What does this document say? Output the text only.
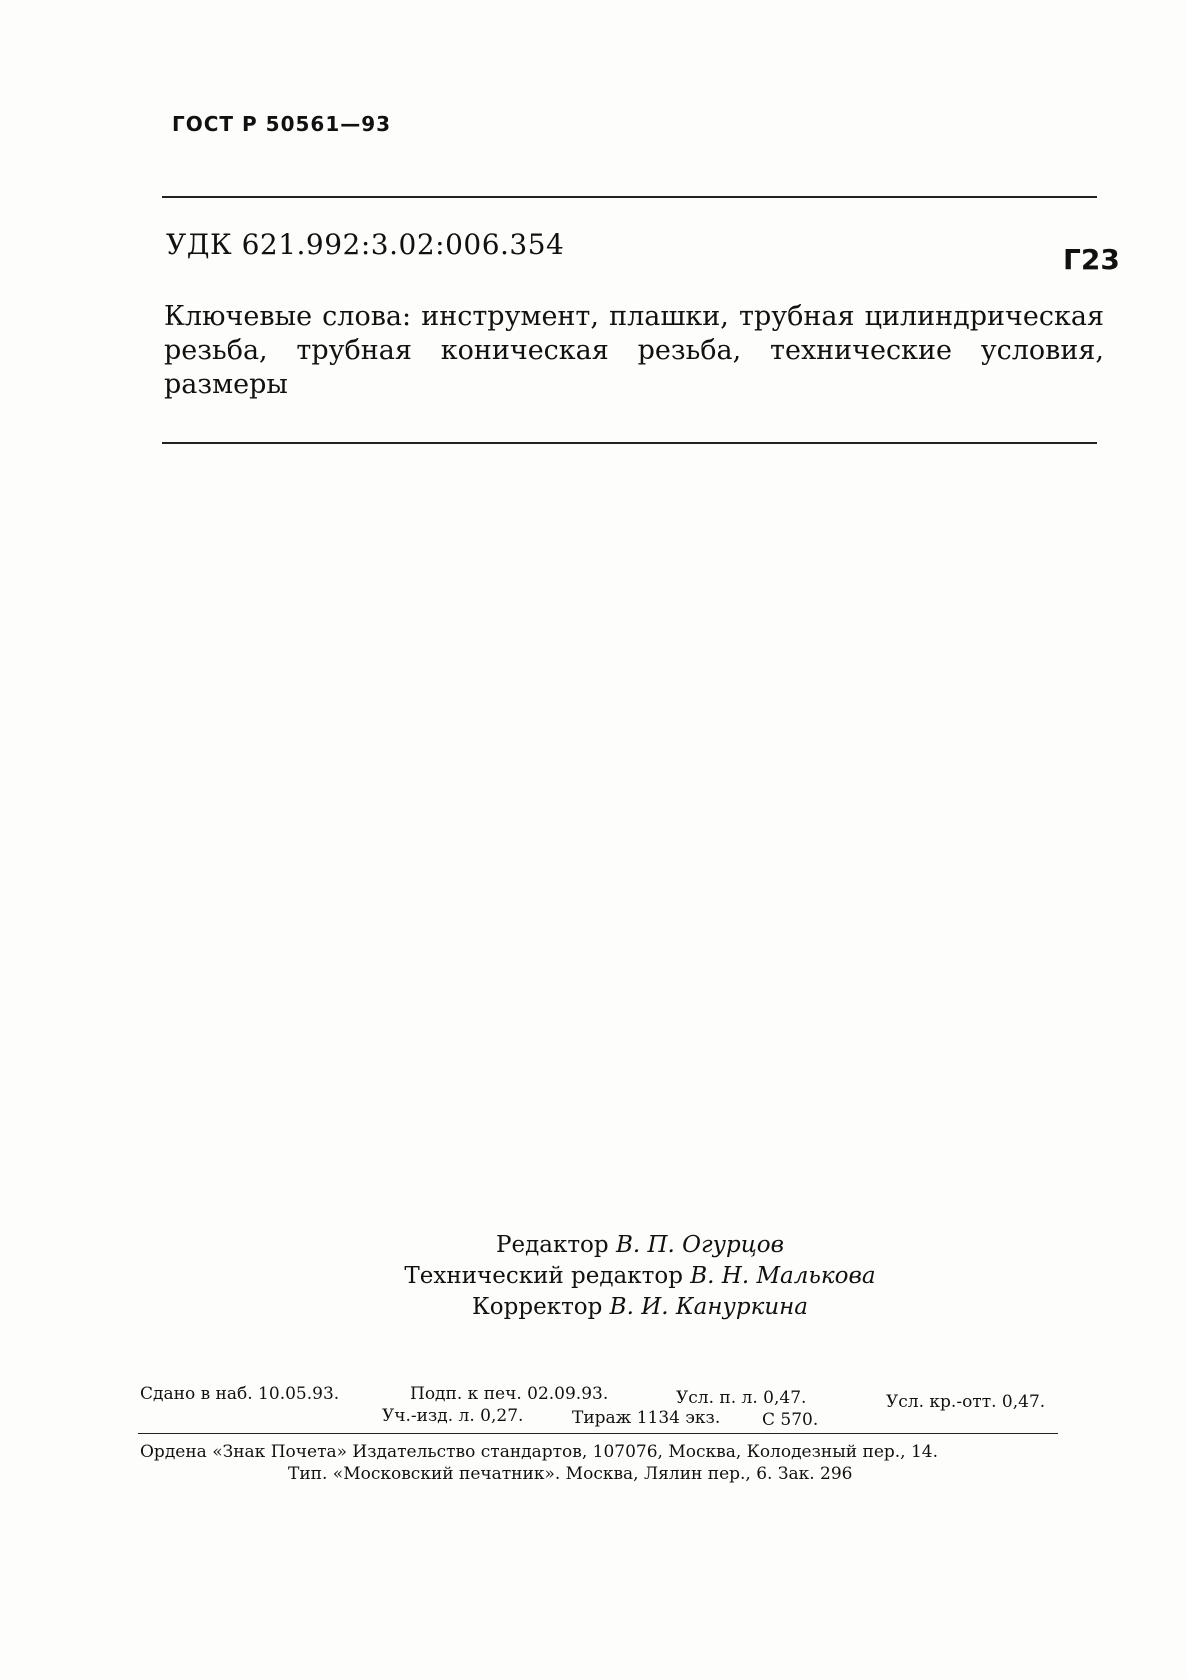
ГОСТ Р 50561—93
УДК 621.992:3.02:006.354	Г23
Ключевые слова: инструмент, плашки, трубная цилиндрическая резьба, трубная коническая резьба, технические условия, размеры
Редактор В. П. Огурцов
Технический редактор В. Н. Малькова
Корректор В. И. Кануркина
Сдано в наб. 10.05.93.	Подп. к печ. 02.09.93.	Усл. п. л. 0,47.	Усл. кр.-отт. 0,47.
Уч.-изд. л. 0,27.	Тираж 1134 экз. С 570.
Ордена «Знак Почета» Издательство стандартов, 107076, Москва, Колодезный пер., 14.
Тип. «Московский печатник». Москва, Лялин пер., 6. Зак. 296
